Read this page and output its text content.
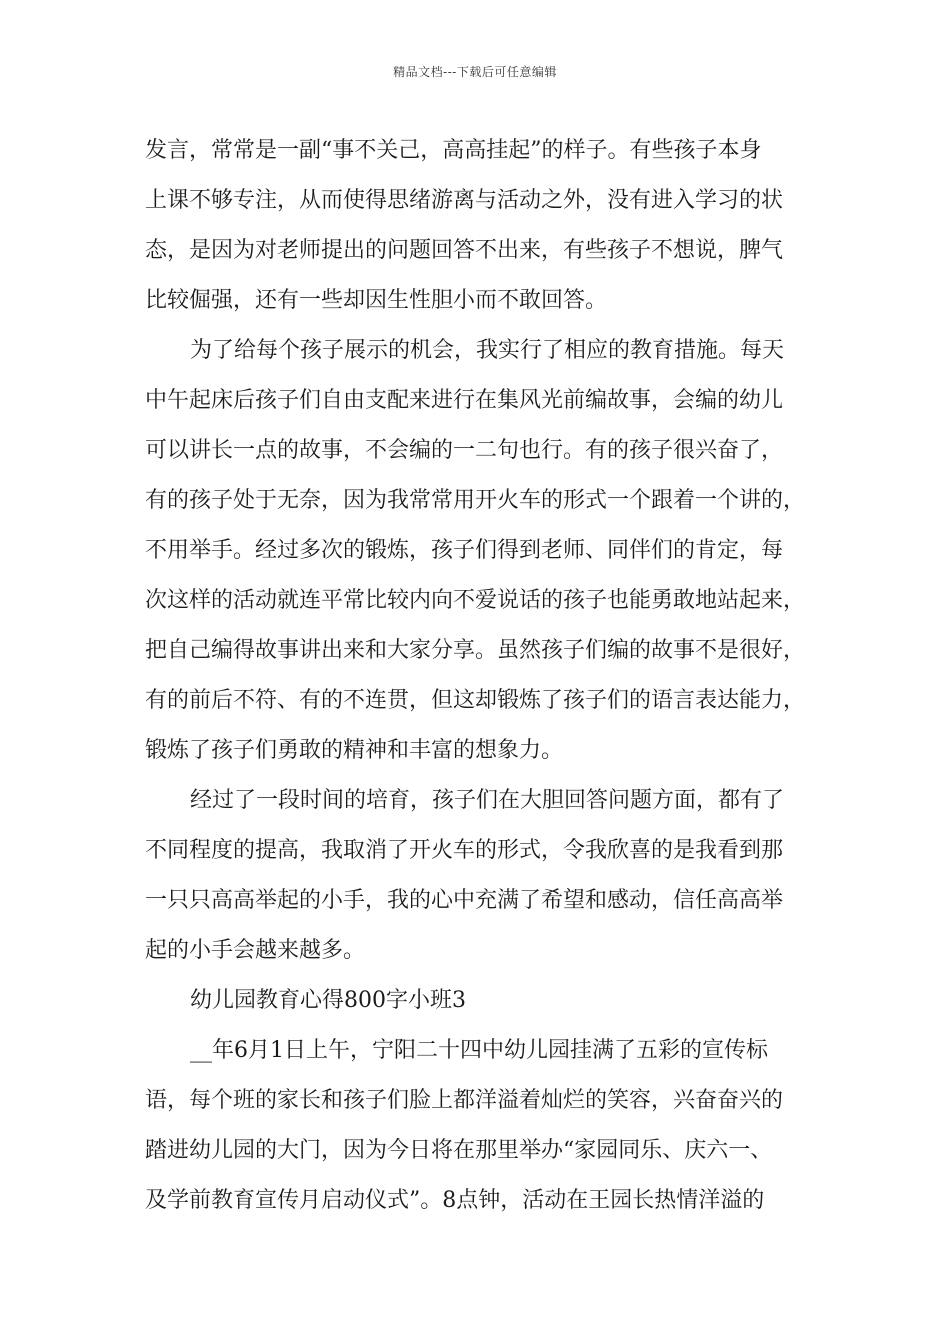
精品文档---下载后可任意编辑
发言，常常是一副“事不关己，高高挂起”的样子。有些孩子本身
上课不够专注，从而使得思绪游离与活动之外，没有进入学习的状
态，是因为对老师提出的问题回答不出来，有些孩子不想说，脾气
比较倔强，还有一些却因生性胆小而不敢回答。
为了给每个孩子展示的机会，我实行了相应的教育措施。每天
中午起床后孩子们自由支配来进行在集风光前编故事，会编的幼儿
可以讲长一点的故事，不会编的一二句也行。有的孩子很兴奋了，
有的孩子处于无奈，因为我常常用开火车的形式一个跟着一个讲的，
不用举手。经过多次的锻炼，孩子们得到老师、同伴们的肯定，每
次这样的活动就连平常比较内向不爱说话的孩子也能勇敢地站起来，
把自己编得故事讲出来和大家分享。虽然孩子们编的故事不是很好，
有的前后不符、有的不连贯，但这却锻炼了孩子们的语言表达能力，
锻炼了孩子们勇敢的精神和丰富的想象力。
经过了一段时间的培育，孩子们在大胆回答问题方面，都有了
不同程度的提高，我取消了开火车的形式，令我欣喜的是我看到那
一只只高高举起的小手，我的心中充满了希望和感动，信任高高举
起的小手会越来越多。
幼儿园教育心得800字小班3
__年6月1日上午，宁阳二十四中幼儿园挂满了五彩的宣传标
语，每个班的家长和孩子们脸上都洋溢着灿烂的笑容，兴奋奋兴的
踏进幼儿园的大门，因为今日将在那里举办“家园同乐、庆六一、
及学前教育宣传月启动仪式”。8点钟，活动在王园长热情洋溢的
